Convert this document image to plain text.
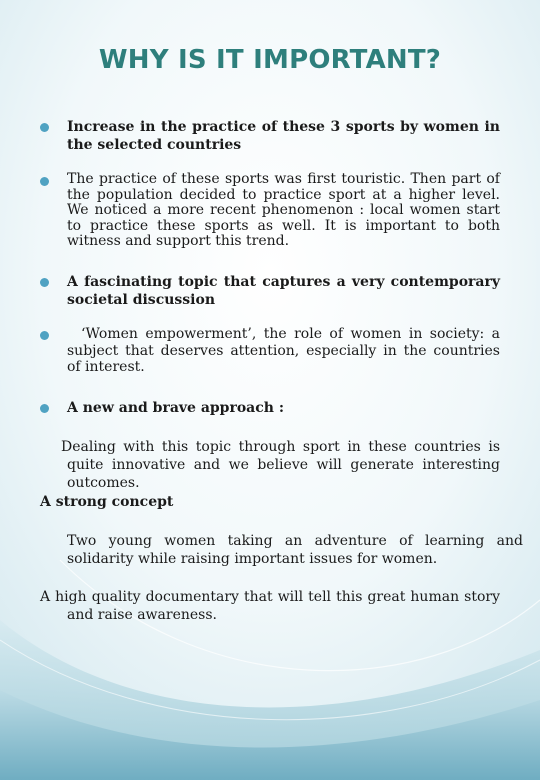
WHY IS IT IMPORTANT?
Increase in the practice of these 3 sports by women in the selected countries
The practice of these sports was first touristic. Then part of the population decided to practice sport at a higher level. We noticed a more recent phenomenon : local women start to practice these sports as well. It is important to both witness and support this trend.
A fascinating topic that captures a very contemporary societal discussion
‘Women empowerment’, the role of women in society: a subject that deserves attention, especially in the countries of interest.
A new and brave approach :
Dealing with this topic through sport in these countries is quite innovative and we believe will generate interesting outcomes.
A strong concept
Two young women taking an adventure of learning and solidarity while raising important issues for women.
A high quality documentary that will tell this great human story and raise awareness.
